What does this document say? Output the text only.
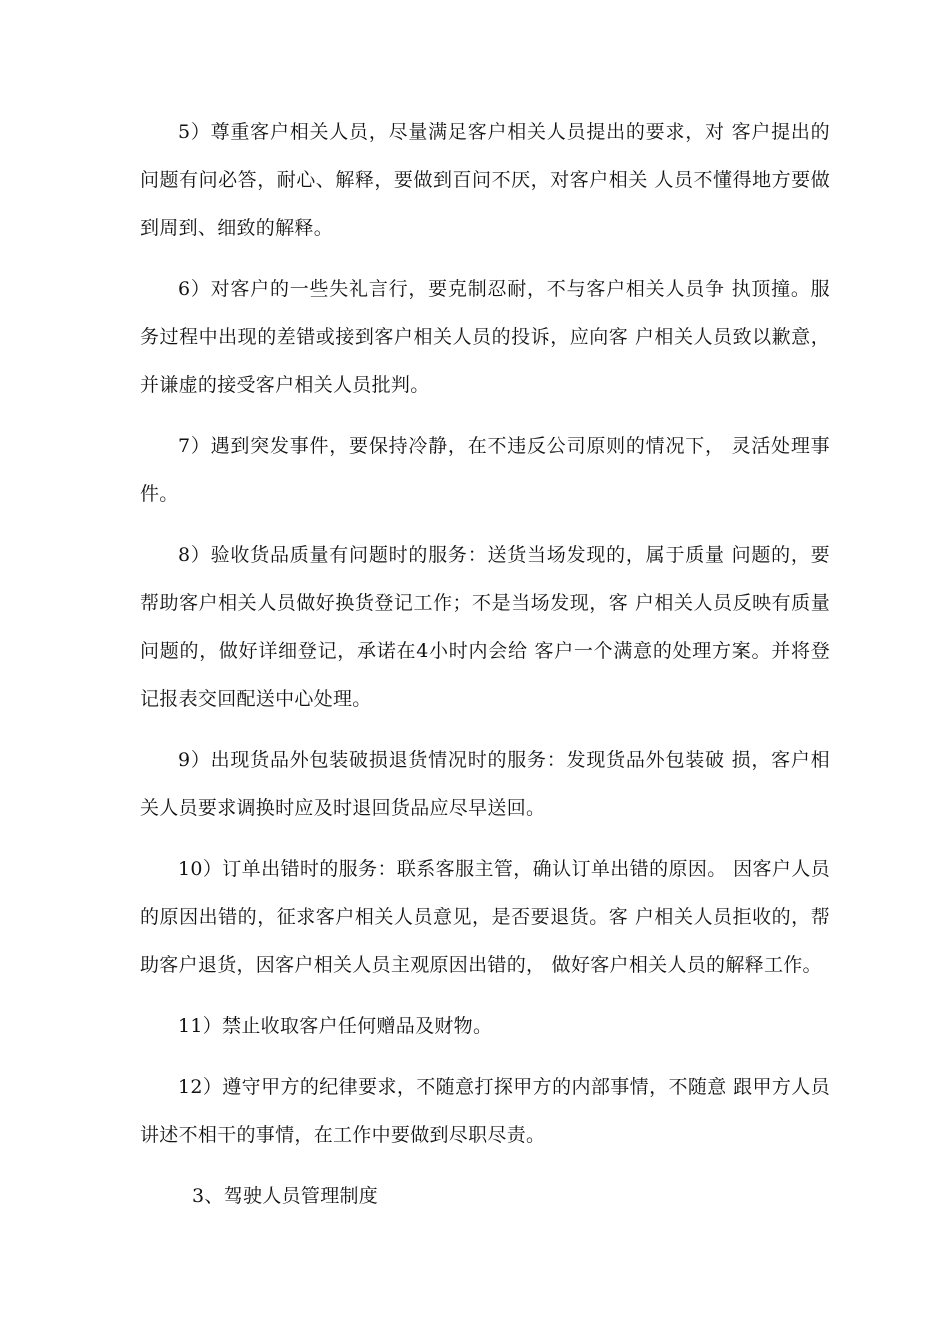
5）尊重客户相关人员，尽量满足客户相关人员提出的要求，对 客户提出的问题有问必答，耐心、解释，要做到百问不厌，对客户相关 人员不懂得地方要做到周到、细致的解释。

6）对客户的一些失礼言行，要克制忍耐，不与客户相关人员争 执顶撞。服务过程中出现的差错或接到客户相关人员的投诉，应向客 户相关人员致以歉意，并谦虚的接受客户相关人员批判。

7）遇到突发事件，要保持冷静，在不违反公司原则的情况下， 灵活处理事件。

8）验收货品质量有问题时的服务：送货当场发现的，属于质量 问题的，要帮助客户相关人员做好换货登记工作；不是当场发现，客 户相关人员反映有质量问题的，做好详细登记，承诺在4小时内会给 客户一个满意的处理方案。并将登记报表交回配送中心处理。

9）出现货品外包装破损退货情况时的服务：发现货品外包装破 损，客户相关人员要求调换时应及时退回货品应尽早送回。

10）订单出错时的服务：联系客服主管，确认订单出错的原因。 因客户人员的原因出错的，征求客户相关人员意见，是否要退货。客 户相关人员拒收的，帮助客户退货，因客户相关人员主观原因出错的， 做好客户相关人员的解释工作。

11）禁止收取客户任何赠品及财物。

12）遵守甲方的纪律要求，不随意打探甲方的内部事情，不随意 跟甲方人员讲述不相干的事情，在工作中要做到尽职尽责。

3、驾驶人员管理制度
